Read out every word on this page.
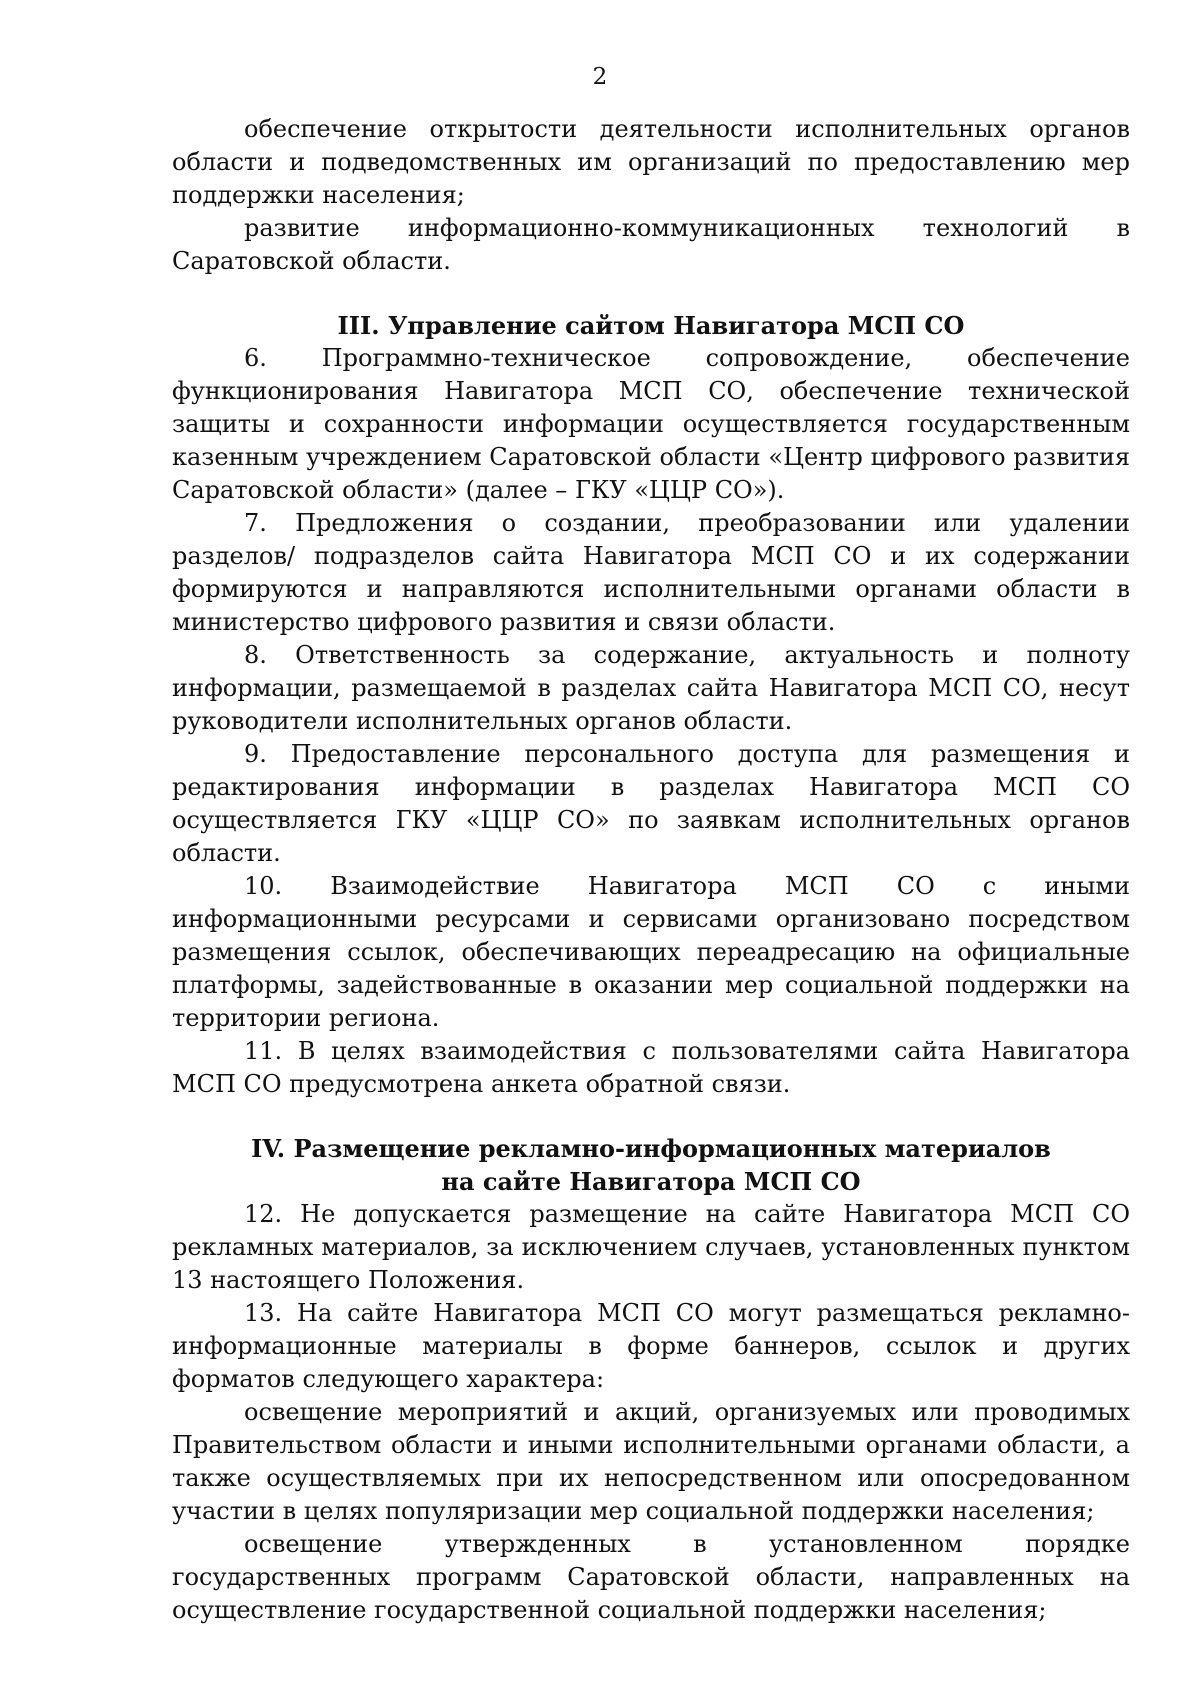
2

обеспечение открытости деятельности исполнительных органов области и подведомственных им организаций по предоставлению мер поддержки населения;

развитие информационно-коммуникационных технологий в Саратовской области.

III. Управление сайтом Навигатора МСП СО

6. Программно-техническое сопровождение, обеспечение функционирования Навигатора МСП СО, обеспечение технической защиты и сохранности информации осуществляется государственным казенным учреждением Саратовской области «Центр цифрового развития Саратовской области» (далее – ГКУ «ЦЦР СО»).

7. Предложения о создании, преобразовании или удалении разделов/ подразделов сайта Навигатора МСП СО и их содержании формируются и направляются исполнительными органами области в министерство цифрового развития и связи области.

8. Ответственность за содержание, актуальность и полноту информации, размещаемой в разделах сайта Навигатора МСП СО, несут руководители исполнительных органов области.

9. Предоставление персонального доступа для размещения и редактирования информации в разделах Навигатора МСП СО осуществляется ГКУ «ЦЦР СО» по заявкам исполнительных органов области.

10. Взаимодействие Навигатора МСП СО с иными информационными ресурсами и сервисами организовано посредством размещения ссылок, обеспечивающих переадресацию на официальные платформы, задействованные в оказании мер социальной поддержки на территории региона.

11. В целях взаимодействия с пользователями сайта Навигатора МСП СО предусмотрена анкета обратной связи.

IV. Размещение рекламно-информационных материалов
на сайте Навигатора МСП СО

12. Не допускается размещение на сайте Навигатора МСП СО рекламных материалов, за исключением случаев, установленных пунктом 13 настоящего Положения.

13. На сайте Навигатора МСП СО могут размещаться рекламно-информационные материалы в форме баннеров, ссылок и других форматов следующего характера:

освещение мероприятий и акций, организуемых или проводимых Правительством области и иными исполнительными органами области, а также осуществляемых при их непосредственном или опосредованном участии в целях популяризации мер социальной поддержки населения;

освещение утвержденных в установленном порядке государственных программ Саратовской области, направленных на осуществление государственной социальной поддержки населения;
